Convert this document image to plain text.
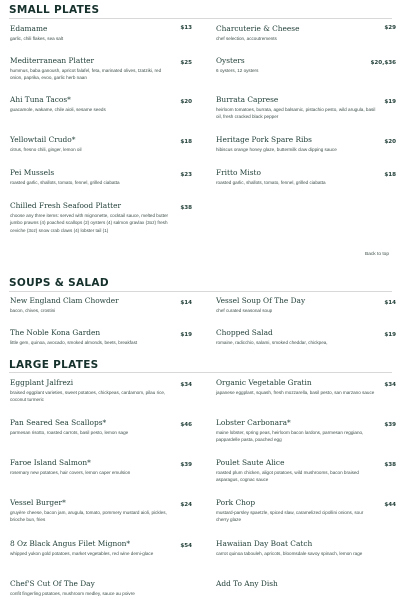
SMALL PLATES
Edamame	$13
garlic, chili flakes, sea salt
Charcuterie & Cheese	$29
chef selection, accoutrements
Mediterranean Platter	$25
hummus, baba ganoush, apricot falafel, feta, marinated olives, tzatziki, red onion, paprika, evoo, garlic herb naan
Oysters	$20,$36
6 oysters, 12 oysters
Ahi Tuna Tacos*	$20
guacamole, wakame, chile aioli, sesame seeds
Burrata Caprese	$19
heirloom tomatoes, burrata, aged balsamic, pistachio pesto, wild arugula, basil oil, fresh cracked black pepper
Yellowtail Crudo*	$18
citrus, fresno chili, ginger, lemon oil
Heritage Pork Spare Ribs	$20
hibiscus orange honey glaze, buttermilk claw dipping sauce
Pei Mussels	$23
roasted garlic, shallots, tomato, fennel, grilled ciabatta
Fritto Misto	$18
roasted garlic, shallots, tomato, fennel, grilled ciabatta
Chilled Fresh Seafood Platter	$38
choose any three items: served with mignonette, cocktail sauce, melted butter jumbo prawns (4) poached scallops (2) oysters (4) salmon gravlax (3oz) fresh ceviche (3oz) snow crab claws (4) lobster tail (1)
Back to top
SOUPS & SALAD
New England Clam Chowder	$14
bacon, chives, crostini
Vessel Soup Of The Day	$14
chef curated seasonal soup
The Noble Kona Garden	$19
little gem, quinoa, avocado, smoked almonds, beets, breakfast
Chopped Salad	$19
romaine, radicchio, salami, smoked cheddar, chickpea,
LARGE PLATES
Eggplant Jalfrezi	$34
braised eggplant varieties, sweet potatoes, chickpeas, cardamom, pilau rice, coconut turmeric
Organic Vegetable Gratin	$34
japanese eggplant, squash, fresh mozzarella, basil pesto, san marzano sauce
Pan Seared Sea Scallops*	$46
parmesan risotto, roasted carrots, basil pesto, lemon sage
Lobster Carbonara*	$39
maine lobster, spring peas, heirloom bacon lardons, parmesan reggiano, pappardelle pasta, poached egg
Faroe Island Salmon*	$39
rosemary new potatoes, hair covers, lemon caper emulsion
Poulet Saute Alice	$38
roasted plum chicken, aligot potatoes, wild mushrooms, bacon braised asparagus, cognac sauce
Vessel Burger*	$24
gruyère cheese, bacon jam, arugula, tomato, pommery mustard aioli, pickles, brioche bun, fries
Pork Chop	$44
mustard-parsley spaetzle, spiced slaw, caramelized cipollini onions, sour cherry glaze
8 Oz Black Angus Filet Mignon*	$54
whipped yukon gold potatoes, market vegetables, red wine demi-glace
Hawaiian Day Boat Catch
carrot quinoa tabouleh, apricots, bloomsdale savoy spinach, lemon rage
Chef'S Cut Of The Day
confit fingerling potatoes, mushroom medley, sauce au poivre
Add To Any Dish
